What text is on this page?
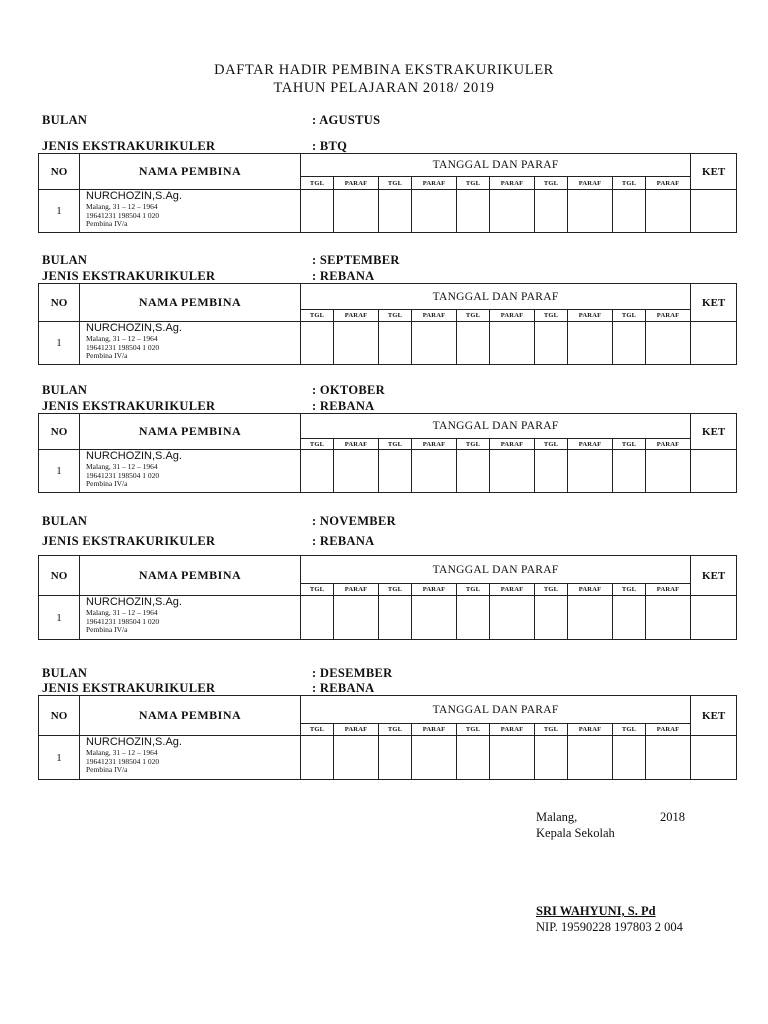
DAFTAR HADIR PEMBINA EKSTRAKURIKULER
TAHUN PELAJARAN 2018/ 2019
BULAN	: AGUSTUS
JENIS EKSTRAKURIKULER	: BTQ
NO	NAMA PEMBINA	TANGGAL DAN PARAF										KET
		TGL	PARAF	TGL	PARAF	TGL	PARAF	TGL	PARAF	TGL	PARAF	
1	NURCHOZIN,S.Ag.
Malang, 31 – 12 – 1964
19641231 198504 1 020
Pembina IV/a											

BULAN	: SEPTEMBER
JENIS EKSTRAKURIKULER	: REBANA
NO	NAMA PEMBINA	TANGGAL DAN PARAF										KET
		TGL	PARAF	TGL	PARAF	TGL	PARAF	TGL	PARAF	TGL	PARAF	
1	NURCHOZIN,S.Ag.
Malang, 31 – 12 – 1964
19641231 198504 1 020
Pembina IV/a											

BULAN	: OKTOBER
JENIS EKSTRAKURIKULER	: REBANA
NO	NAMA PEMBINA	TANGGAL DAN PARAF										KET
		TGL	PARAF	TGL	PARAF	TGL	PARAF	TGL	PARAF	TGL	PARAF	
1	NURCHOZIN,S.Ag.
Malang, 31 – 12 – 1964
19641231 198504 1 020
Pembina IV/a											

BULAN	: NOVEMBER
JENIS EKSTRAKURIKULER	: REBANA
NO	NAMA PEMBINA	TANGGAL DAN PARAF										KET
		TGL	PARAF	TGL	PARAF	TGL	PARAF	TGL	PARAF	TGL	PARAF	
1	NURCHOZIN,S.Ag.
Malang, 31 – 12 – 1964
19641231 198504 1 020
Pembina IV/a											

BULAN	: DESEMBER
JENIS EKSTRAKURIKULER	: REBANA
NO	NAMA PEMBINA	TANGGAL DAN PARAF										KET
		TGL	PARAF	TGL	PARAF	TGL	PARAF	TGL	PARAF	TGL	PARAF	
1	NURCHOZIN,S.Ag.
Malang, 31 – 12 – 1964
19641231 198504 1 020
Pembina IV/a											

Malang,	2018
Kepala Sekolah
SRI WAHYUNI, S. Pd
NIP. 19590228 197803 2 004
